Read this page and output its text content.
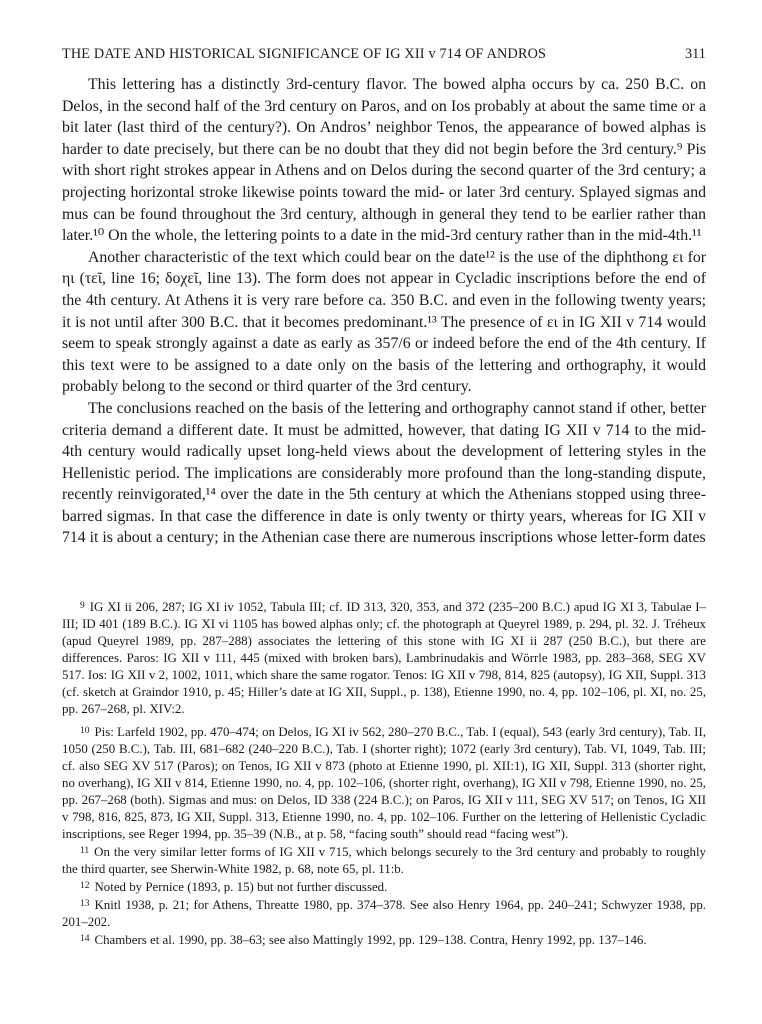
THE DATE AND HISTORICAL SIGNIFICANCE OF IG XII v 714 OF ANDROS	311

This lettering has a distinctly 3rd-century flavor. The bowed alpha occurs by ca. 250 B.C. on Delos, in the second half of the 3rd century on Paros, and on Ios probably at about the same time or a bit later (last third of the century?). On Andros’ neighbor Tenos, the appearance of bowed alphas is harder to date precisely, but there can be no doubt that they did not begin before the 3rd century.⁹ Pis with short right strokes appear in Athens and on Delos during the second quarter of the 3rd century; a projecting horizontal stroke likewise points toward the mid- or later 3rd century. Splayed sigmas and mus can be found throughout the 3rd century, although in general they tend to be earlier rather than later.¹⁰ On the whole, the lettering points to a date in the mid-3rd century rather than in the mid-4th.¹¹

Another characteristic of the text which could bear on the date¹² is the use of the diphthong ει for ηι (τεῖ, line 16; δοχεῖ, line 13). The form does not appear in Cycladic inscriptions before the end of the 4th century. At Athens it is very rare before ca. 350 B.C. and even in the following twenty years; it is not until after 300 B.C. that it becomes predominant.¹³ The presence of ει in IG XII v 714 would seem to speak strongly against a date as early as 357/6 or indeed before the end of the 4th century. If this text were to be assigned to a date only on the basis of the lettering and orthography, it would probably belong to the second or third quarter of the 3rd century.

The conclusions reached on the basis of the lettering and orthography cannot stand if other, better criteria demand a different date. It must be admitted, however, that dating IG XII v 714 to the mid-4th century would radically upset long-held views about the development of lettering styles in the Hellenistic period. The implications are considerably more profound than the long-standing dispute, recently reinvigorated,¹⁴ over the date in the 5th century at which the Athenians stopped using three-barred sigmas. In that case the difference in date is only twenty or thirty years, whereas for IG XII v 714 it is about a century; in the Athenian case there are numerous inscriptions whose letter-form dates

$^9$ IG XI ii 206, 287; IG XI iv 1052, Tabula III; cf. ID 313, 320, 353, and 372 (235–200 B.C.) apud IG XI 3, Tabulae I–III; ID 401 (189 B.C.). IG XI vi 1105 has bowed alphas only; cf. the photograph at Queyrel 1989, p. 294, pl. 32. J. Tréheux (apud Queyrel 1989, pp. 287–288) associates the lettering of this stone with IG XI ii 287 (250 B.C.), but there are differences. Paros: IG XII v 111, 445 (mixed with broken bars), Lambrinudakis and Wörrle 1983, pp. 283–368, SEG XV 517. Ios: IG XII v 2, 1002, 1011, which share the same rogator. Tenos: IG XII v 798, 814, 825 (autopsy), IG XII, Suppl. 313 (cf. sketch at Graindor 1910, p. 45; Hiller’s date at IG XII, Suppl., p. 138), Etienne 1990, no. 4, pp. 102–106, pl. XI, no. 25, pp. 267–268, pl. XIV:2.

$^{10}$ Pis: Larfeld 1902, pp. 470–474; on Delos, IG XI iv 562, 280–270 B.C., Tab. I (equal), 543 (early 3rd century), Tab. II, 1050 (250 B.C.), Tab. III, 681–682 (240–220 B.C.), Tab. I (shorter right); 1072 (early 3rd century), Tab. VI, 1049, Tab. III; cf. also SEG XV 517 (Paros); on Tenos, IG XII v 873 (photo at Etienne 1990, pl. XII:1), IG XII, Suppl. 313 (shorter right, no overhang), IG XII v 814, Etienne 1990, no. 4, pp. 102–106, (shorter right, overhang), IG XII v 798, Etienne 1990, no. 25, pp. 267–268 (both). Sigmas and mus: on Delos, ID 338 (224 B.C.); on Paros, IG XII v 111, SEG XV 517; on Tenos, IG XII v 798, 816, 825, 873, IG XII, Suppl. 313, Etienne 1990, no. 4, pp. 102–106. Further on the lettering of Hellenistic Cycladic inscriptions, see Reger 1994, pp. 35–39 (N.B., at p. 58, “facing south” should read “facing west”).

$^{11}$ On the very similar letter forms of IG XII v 715, which belongs securely to the 3rd century and probably to roughly the third quarter, see Sherwin-White 1982, p. 68, note 65, pl. 11:b.

$^{12}$ Noted by Pernice (1893, p. 15) but not further discussed.

$^{13}$ Knitl 1938, p. 21; for Athens, Threatte 1980, pp. 374–378. See also Henry 1964, pp. 240–241; Schwyzer 1938, pp. 201–202.

$^{14}$ Chambers et al. 1990, pp. 38–63; see also Mattingly 1992, pp. 129–138. Contra, Henry 1992, pp. 137–146.
